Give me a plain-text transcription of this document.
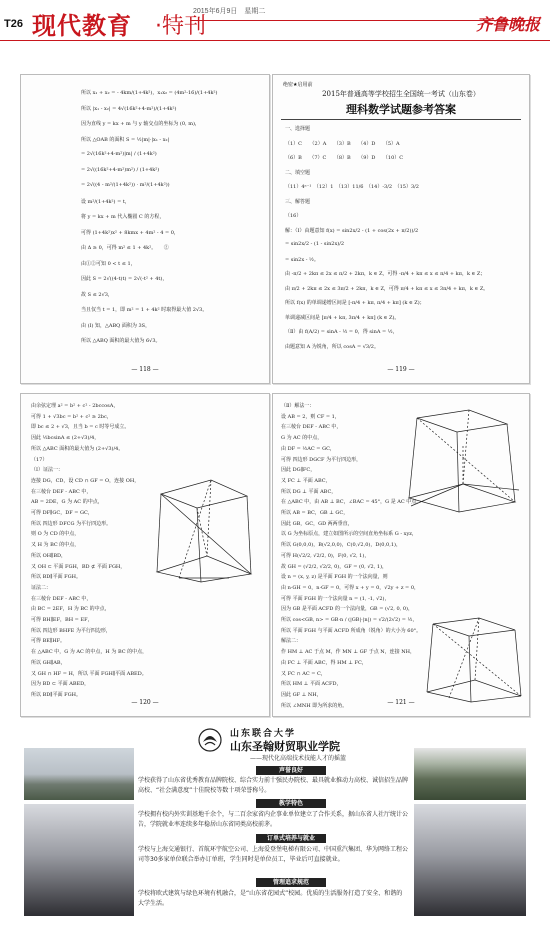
T26 现代教育 ·特刊
2015年6月9日　星期二
齐鲁晚报
所以 x₁ + x₂ = - 4km/(1+4k²)，x₁x₂ = (4m²-16)/(1+4k²)
所以 |x₁ - x₂| = 4√(16k²+4-m²)/(1+4k²)
因为直线 y = kx + m 与 y 轴交点的坐标为 (0, m)，
所以 △OAB 的面积 S = ½|m|·|x₁ - x₂|
= 2√(16k²+4-m²)|m| / (1+4k²)
= 2√((16k²+4-m²)m²) / (1+4k²)
= 2√((4 - m²/(1+4k²)) · m²/(1+4k²))
设 m²/(1+4k²) = t，
将 y = kx + m 代入椭圆 C 的方程，
可得 (1+4k²)x² + 8kmx + 4m² - 4 = 0，
由 Δ ≥ 0，可得 m² ≤ 1 + 4k²。　　②
由①②可知 0 < t ≤ 1，
因此 S = 2√((4-t)t) = 2√(-t² + 4t)，
故 S ≤ 2√3，
当且仅当 t = 1，即 m² = 1 + 4k² 时取得最大值 2√3。
由 (Ⅰ) 知，△ABQ 面积为 3S，
所以 △ABQ 面积的最大值为 6√3。
— 118 —
绝密★启用前
2015年普通高等学校招生全国统一考试（山东卷）
理科数学试题参考答案
一、选择题
（1）C　　（2）A　　（3）B　　（4）D　　（5）A
（6）B　　（7）C　　（8）B　　（9）D　　（10）C
二、填空题
（11）4ⁿ⁻¹　（12）1　（13）11/6　（14）-3/2　（15）3/2
三、解答题
（16）
解：（Ⅰ）由题意知 f(x) = sin2x/2 - (1 + cos(2x + π/2))/2
= sin2x/2 - (1 - sin2x)/2
= sin2x - ½。
由 -π/2 + 2kπ ≤ 2x ≤ π/2 + 2kπ，k ∈ Z，可得 -π/4 + kπ ≤ x ≤ π/4 + kπ，k ∈ Z；
由 π/2 + 2kπ ≤ 2x ≤ 3π/2 + 2kπ，k ∈ Z，可得 π/4 + kπ ≤ x ≤ 3π/4 + kπ，k ∈ Z。
所以 f(x) 的单调递增区间是 [-π/4 + kπ, π/4 + kπ] (k ∈ Z)；
单调递减区间是 [π/4 + kπ, 3π/4 + kπ] (k ∈ Z)。
（Ⅱ）由 f(A/2) = sinA - ½ = 0，得 sinA = ½，
由题意知 A 为锐角，所以 cosA = √3/2。
— 119 —
由余弦定理 a² = b² + c² - 2bccosA，
可得 1 + √3bc = b² + c² ≥ 2bc，
即 bc ≤ 2 + √3，且当 b = c 时等号成立。
因此 ½bcsinA ≤ (2+√3)/4，
所以 △ABC 面积的最大值为 (2+√3)/4。
（17）
（Ⅰ）证法一：
连接 DG，CD，设 CD ∩ GF = O，连接 OH，
在三棱台 DEF - ABC 中，
AB = 2DE，G 为 AC 的中点，
可得 DF∥GC，DF = GC，
所以 四边形 DFCG 为平行四边形。
则 O 为 CD 的中点，
又 H 为 BC 的中点，
所以 OH∥BD，
又 OH ⊂ 平面 FGH，BD ⊄ 平面 FGH，
所以 BD∥平面 FGH。
证法二：
在三棱台 DEF - ABC 中，
由 BC = 2EF，H 为 BC 的中点，
可得 BH∥EF，BH = EF，
所以 四边形 BHFE 为平行四边形，
可得 BE∥HF。
在 △ABC 中，G 为 AC 的中点，H 为 BC 的中点，
所以 GH∥AB，
又 GH ∩ HF = H，所以 平面 FGH∥平面 ABED。
因为 BD ⊂ 平面 ABED，
所以 BD∥平面 FGH。
— 120 —
（Ⅱ）解法一：
设 AB = 2，则 CF = 1，
在三棱台 DEF - ABC 中，
G 为 AC 的中点，
由 DF = ½AC = GC，
可得 四边形 DGCF 为平行四边形，
因此 DG∥FC，
又 FC ⊥ 平面 ABC，
所以 DG ⊥ 平面 ABC，
在 △ABC 中，由 AB ⊥ BC，∠BAC = 45°，G 是 AC 中点，
所以 AB = BC，GB ⊥ GC，
因此 GB，GC，GD 两两垂直，
以 G 为坐标原点，建立如图所示的空间直角坐标系 G - xyz，
所以 G(0,0,0)，B(√2,0,0)，C(0,√2,0)，D(0,0,1)，
可得 H(√2/2, √2/2, 0)，F(0, √2, 1)，
故 GH = (√2/2, √2/2, 0)，GF = (0, √2, 1)，
设 n = (x, y, z) 是平面 FGH 的一个法向量，则
由 n·GH = 0，n·GF = 0，可得 x + y = 0，√2y + z = 0，
可得 平面 FGH 的一个法向量 n = (1, -1, √2)，
因为 GB 是平面 ACFD 的一个法向量，GB = (√2, 0, 0)，
所以 cos<GB, n> = GB·n / (|GB|·|n|) = √2/(2√2) = ½，
所以 平面 FGH 与平面 ACFD 所成角（锐角）的大小为 60°。
解法二：
作 HM ⊥ AC 于点 M，作 MN ⊥ GF 于点 N，连接 NH，
由 FC ⊥ 平面 ABC，得 HM ⊥ FC，
又 FC ∩ AC = C，
所以 HM ⊥ 平面 ACFD，
因此 GF ⊥ NH，
所以 ∠MNH 即为所求的角。	— 121 —
山东联合大学
山东圣翰财贸职业学院
——现代化高端技术技能人才的摇篮
声誉良好
学校获得了山东省优秀教育品牌院校、综合实力前十强民办院校、最具就业推动力高校、诚信招生品牌高校、“社会满意度”十佳院校等数十项荣誉称号。
教学特色
学校拥有校内外实训基地千余个，与二百余家省内企事业单位建立了合作关系，据山东省人社厅统计公告，学院就业率连续多年稳居山东省同类高校前茅。
订单式培养与就业
学校与上海交通银行、首航环宇航空公司、上海爱登堡电梯有限公司、中国重汽集团、华为网络工程公司等30多家单位联合举办订单班，学生同时是单位员工，毕业后可直接就业。
管理追求规范
学校将欧式建筑与绿色环境有机融合，是“山东省花园式”校园。优质的生活服务打造了安全、和谐的大学生活。
